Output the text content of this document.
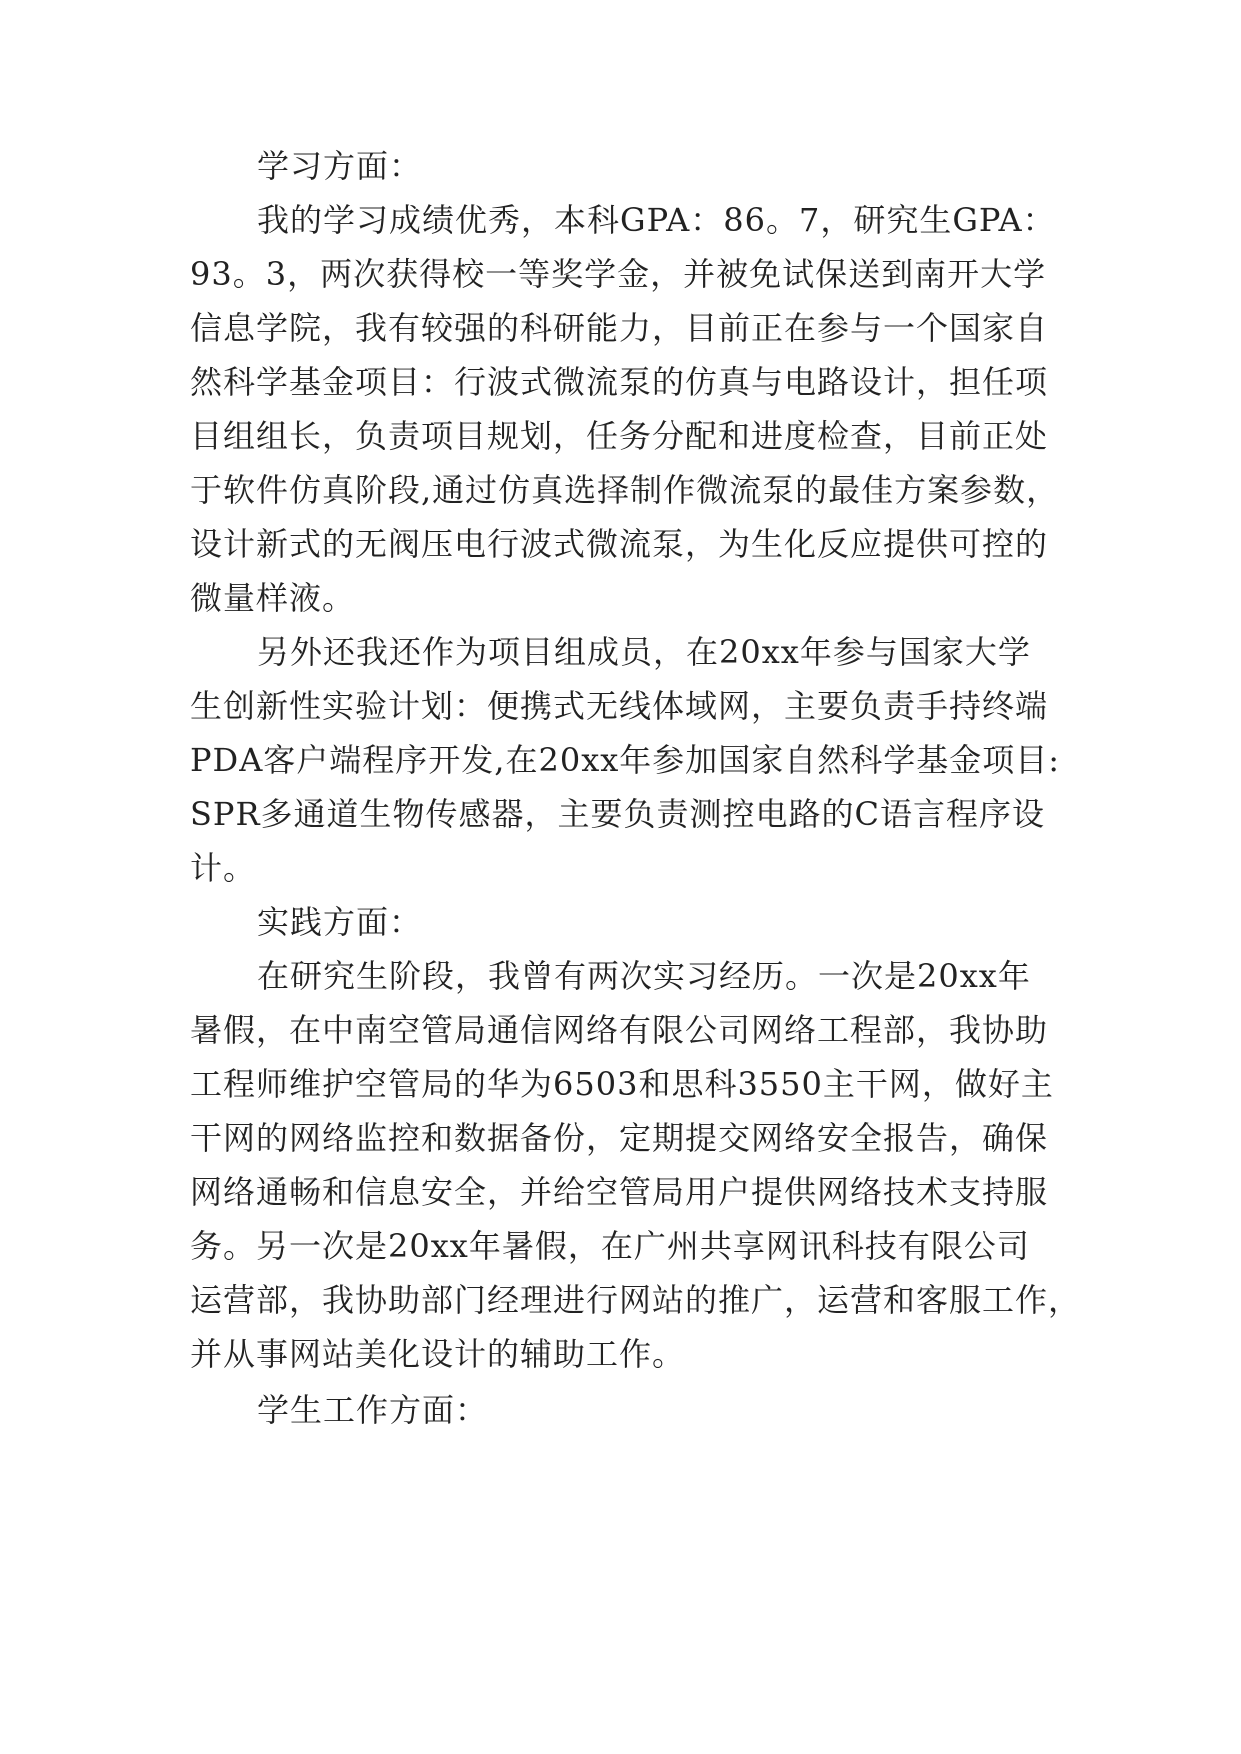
学习方面：

我的学习成绩优秀，本科GPA：86。7，研究生GPA：

93。3，两次获得校一等奖学金，并被免试保送到南开大学

信息学院，我有较强的科研能力，目前正在参与一个国家自

然科学基金项目：行波式微流泵的仿真与电路设计，担任项

目组组长，负责项目规划，任务分配和进度检查，目前正处

于软件仿真阶段,通过仿真选择制作微流泵的最佳方案参数，

设计新式的无阀压电行波式微流泵，为生化反应提供可控的

微量样液。

另外还我还作为项目组成员，在20xx年参与国家大学

生创新性实验计划：便携式无线体域网，主要负责手持终端

PDA客户端程序开发,在20xx年参加国家自然科学基金项目:

SPR多通道生物传感器，主要负责测控电路的C语言程序设

计。

实践方面：

在研究生阶段，我曾有两次实习经历。一次是20xx年

暑假，在中南空管局通信网络有限公司网络工程部，我协助

工程师维护空管局的华为6503和思科3550主干网，做好主

干网的网络监控和数据备份，定期提交网络安全报告，确保

网络通畅和信息安全，并给空管局用户提供网络技术支持服

务。另一次是20xx年暑假，在广州共享网讯科技有限公司

运营部，我协助部门经理进行网站的推广，运营和客服工作，

并从事网站美化设计的辅助工作。

学生工作方面：
